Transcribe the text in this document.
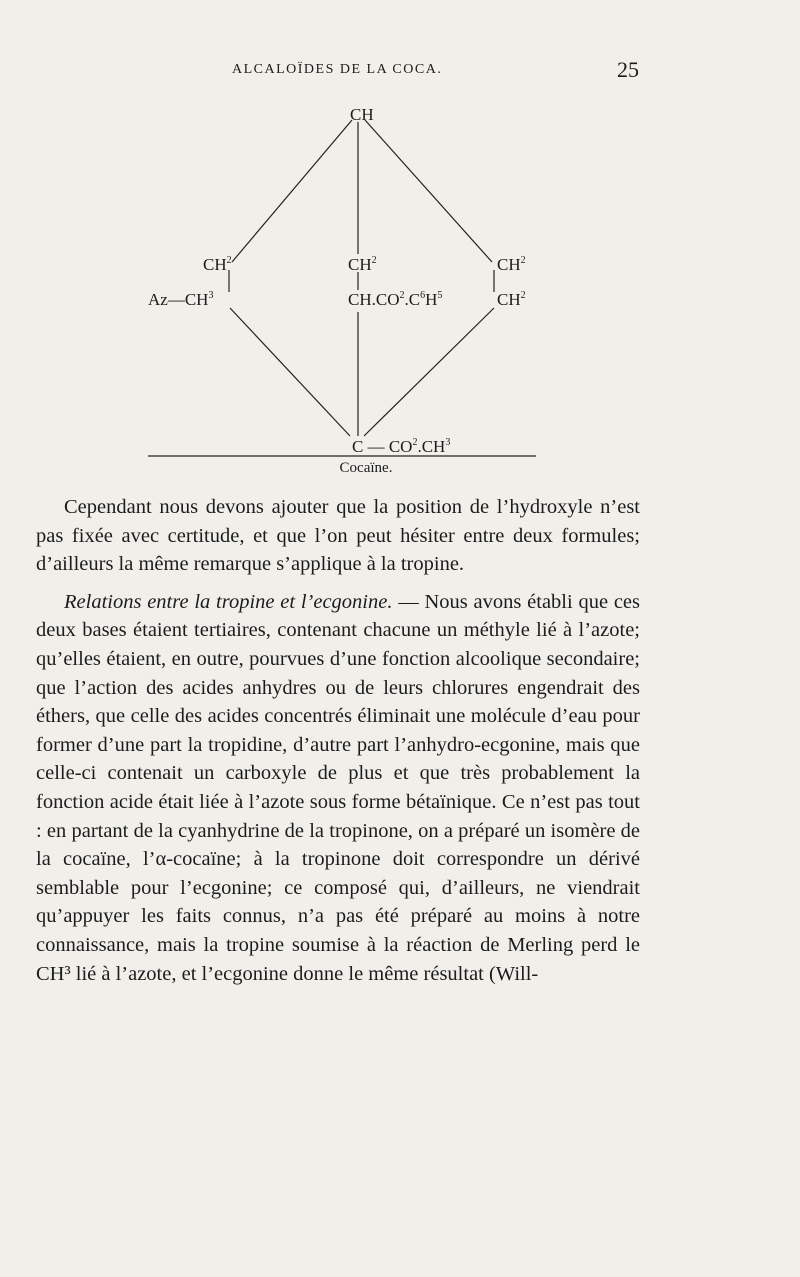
ALCALOÏDES DE LA COCA.	25
CH
$CH^2$
$Az—CH^3$
$CH^2$
$CH.CO^2.C^6H^5$
$CH^2$
$CH^2$
C — $CO^2.CH^3$
Cocaïne.

Cependant nous devons ajouter que la position de l’hydroxyle n’est pas fixée avec certitude, et que l’on peut hésiter entre deux formules; d’ailleurs la même remarque s’applique à la tropine.

Relations entre la tropine et l’ecgonine. — Nous avons établi que ces deux bases étaient tertiaires, contenant chacune un méthyle lié à l’azote; qu’elles étaient, en outre, pourvues d’une fonction alcoolique secondaire; que l’action des acides anhydres ou de leurs chlorures engendrait des éthers, que celle des acides concentrés éliminait une molécule d’eau pour former d’une part la tropidine, d’autre part l’anhydro-ecgonine, mais que celle-ci contenait un carboxyle de plus et que très probablement la fonction acide était liée à l’azote sous forme bétaïnique. Ce n’est pas tout : en partant de la cyanhydrine de la tropinone, on a préparé un isomère de la cocaïne, l’α-cocaïne; à la tropinone doit correspondre un dérivé semblable pour l’ecgonine; ce composé qui, d’ailleurs, ne viendrait qu’appuyer les faits connus, n’a pas été préparé au moins à notre connaissance, mais la tropine soumise à la réaction de Merling perd le CH³ lié à l’azote, et l’ecgonine donne le même résultat (Will-
